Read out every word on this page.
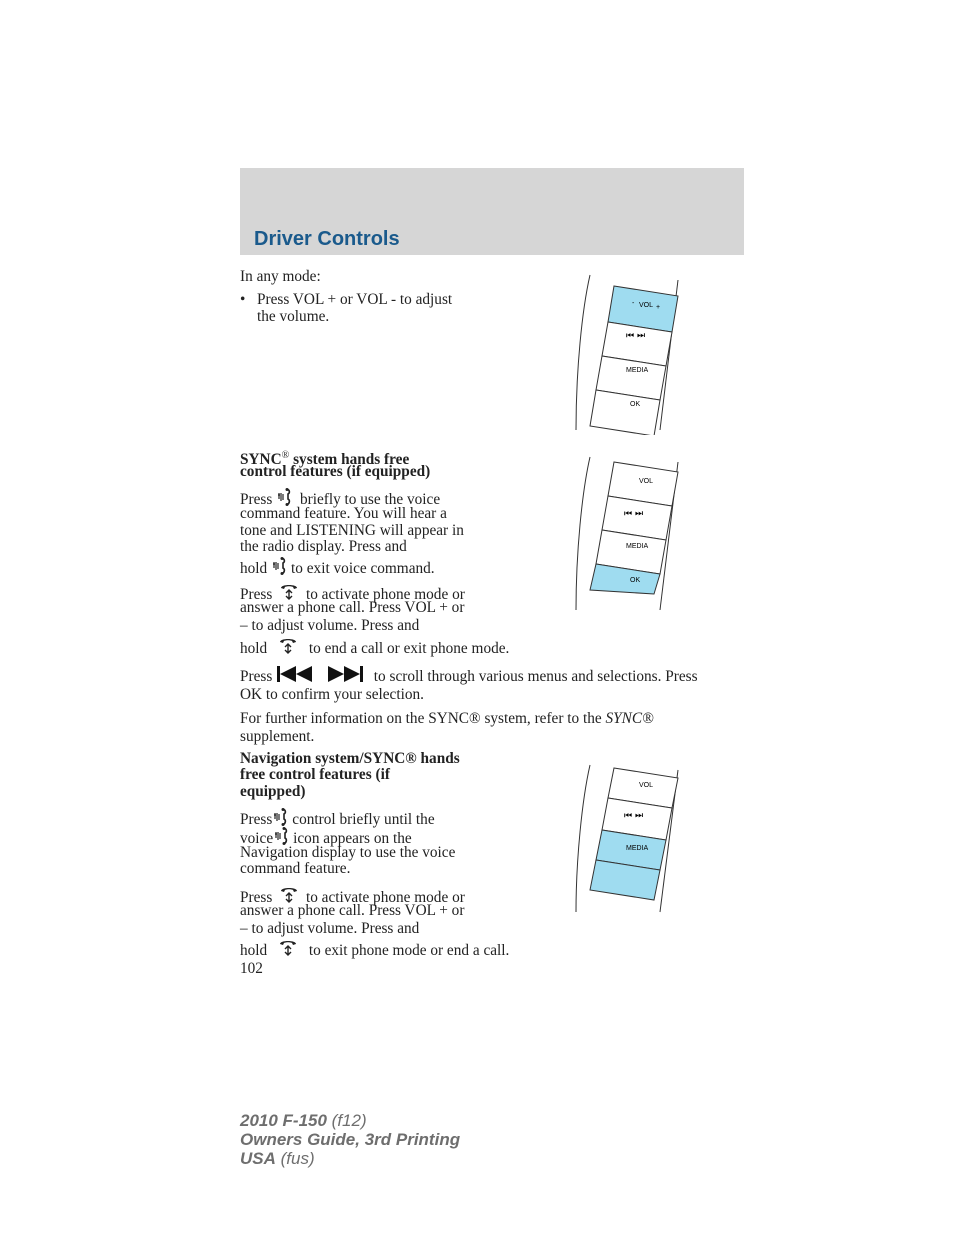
Driver Controls
In any mode:
• Press VOL + or VOL - to adjust
the volume.
SYNC® system hands free
control features (if equipped)
Press briefly to use the voice
command feature. You will hear a
tone and LISTENING will appear in
the radio display. Press and
hold to exit voice command.
Press to activate phone mode or
answer a phone call. Press VOL + or
– to adjust volume. Press and
hold	to end a call or exit phone mode.
Press	to scroll through various menus and selections. Press
OK to confirm your selection.
For further information on the SYNC® system, refer to the SYNC®
supplement.
Navigation system/SYNC® hands
free control features (if
equipped)
Press control briefly until the
voice icon appears on the
Navigation display to use the voice
command feature.
Press to activate phone mode or
answer a phone call. Press VOL + or
– to adjust volume. Press and
hold	to exit phone mode or end a call.
102
VOL
-
+
⏮ ⏭
MEDIA
OK
VOL
⏮ ⏭
MEDIA
OK
VOL
⏮ ⏭
MEDIA
2010 F-150 (f12)
Owners Guide, 3rd Printing
USA (fus)
